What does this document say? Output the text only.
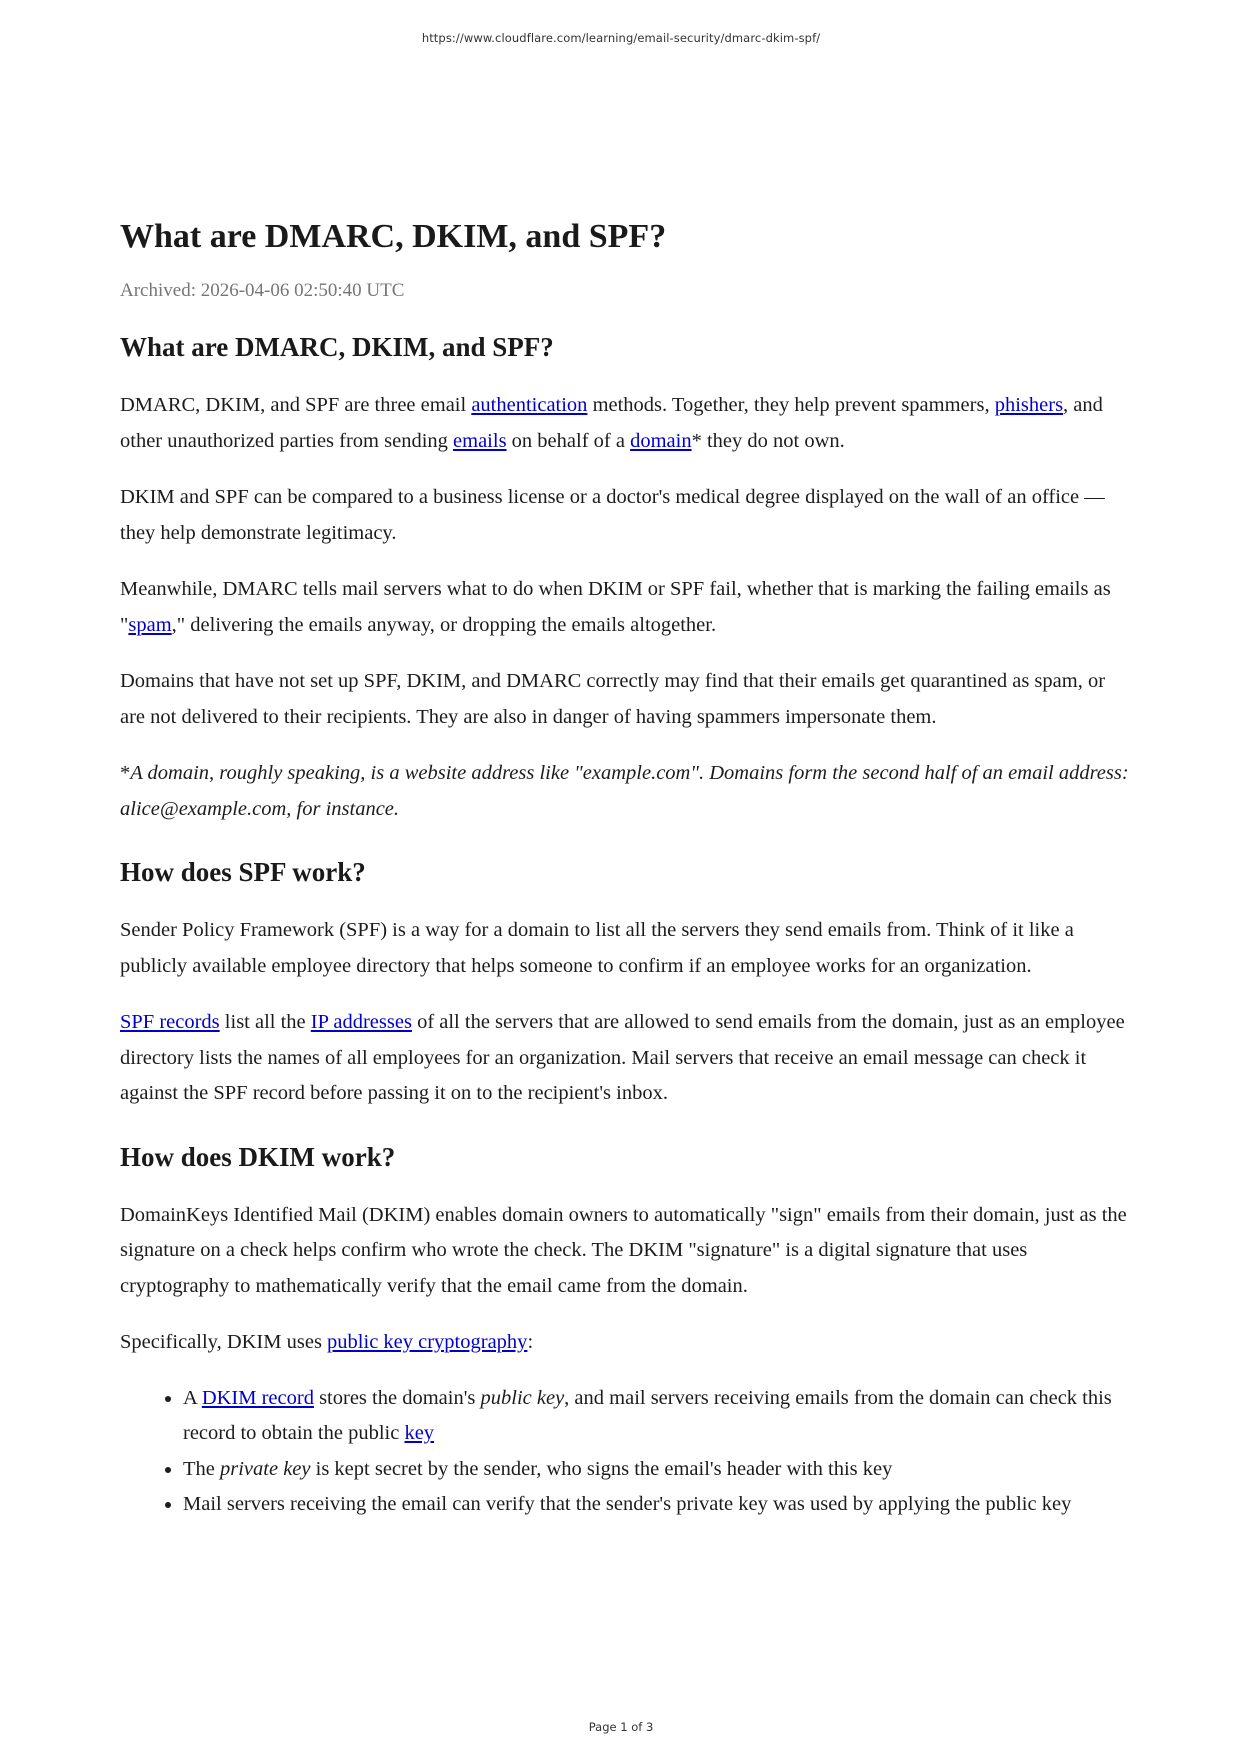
https://www.cloudflare.com/learning/email-security/dmarc-dkim-spf/
What are DMARC, DKIM, and SPF?
Archived: 2026-04-06 02:50:40 UTC
What are DMARC, DKIM, and SPF?

DMARC, DKIM, and SPF are three email authentication methods. Together, they help prevent spammers, phishers, and other unauthorized parties from sending emails on behalf of a domain* they do not own.

DKIM and SPF can be compared to a business license or a doctor's medical degree displayed on the wall of an office — they help demonstrate legitimacy.

Meanwhile, DMARC tells mail servers what to do when DKIM or SPF fail, whether that is marking the failing emails as "spam," delivering the emails anyway, or dropping the emails altogether.

Domains that have not set up SPF, DKIM, and DMARC correctly may find that their emails get quarantined as spam, or are not delivered to their recipients. They are also in danger of having spammers impersonate them.

*A domain, roughly speaking, is a website address like "example.com". Domains form the second half of an email address: alice@example.com, for instance.

How does SPF work?

Sender Policy Framework (SPF) is a way for a domain to list all the servers they send emails from. Think of it like a publicly available employee directory that helps someone to confirm if an employee works for an organization.

SPF records list all the IP addresses of all the servers that are allowed to send emails from the domain, just as an employee directory lists the names of all employees for an organization. Mail servers that receive an email message can check it against the SPF record before passing it on to the recipient's inbox.

How does DKIM work?

DomainKeys Identified Mail (DKIM) enables domain owners to automatically "sign" emails from their domain, just as the signature on a check helps confirm who wrote the check. The DKIM "signature" is a digital signature that uses cryptography to mathematically verify that the email came from the domain.

Specifically, DKIM uses public key cryptography:

• A DKIM record stores the domain's public key, and mail servers receiving emails from the domain can check this record to obtain the public key
• The private key is kept secret by the sender, who signs the email's header with this key
• Mail servers receiving the email can verify that the sender's private key was used by applying the public key
Page 1 of 3
